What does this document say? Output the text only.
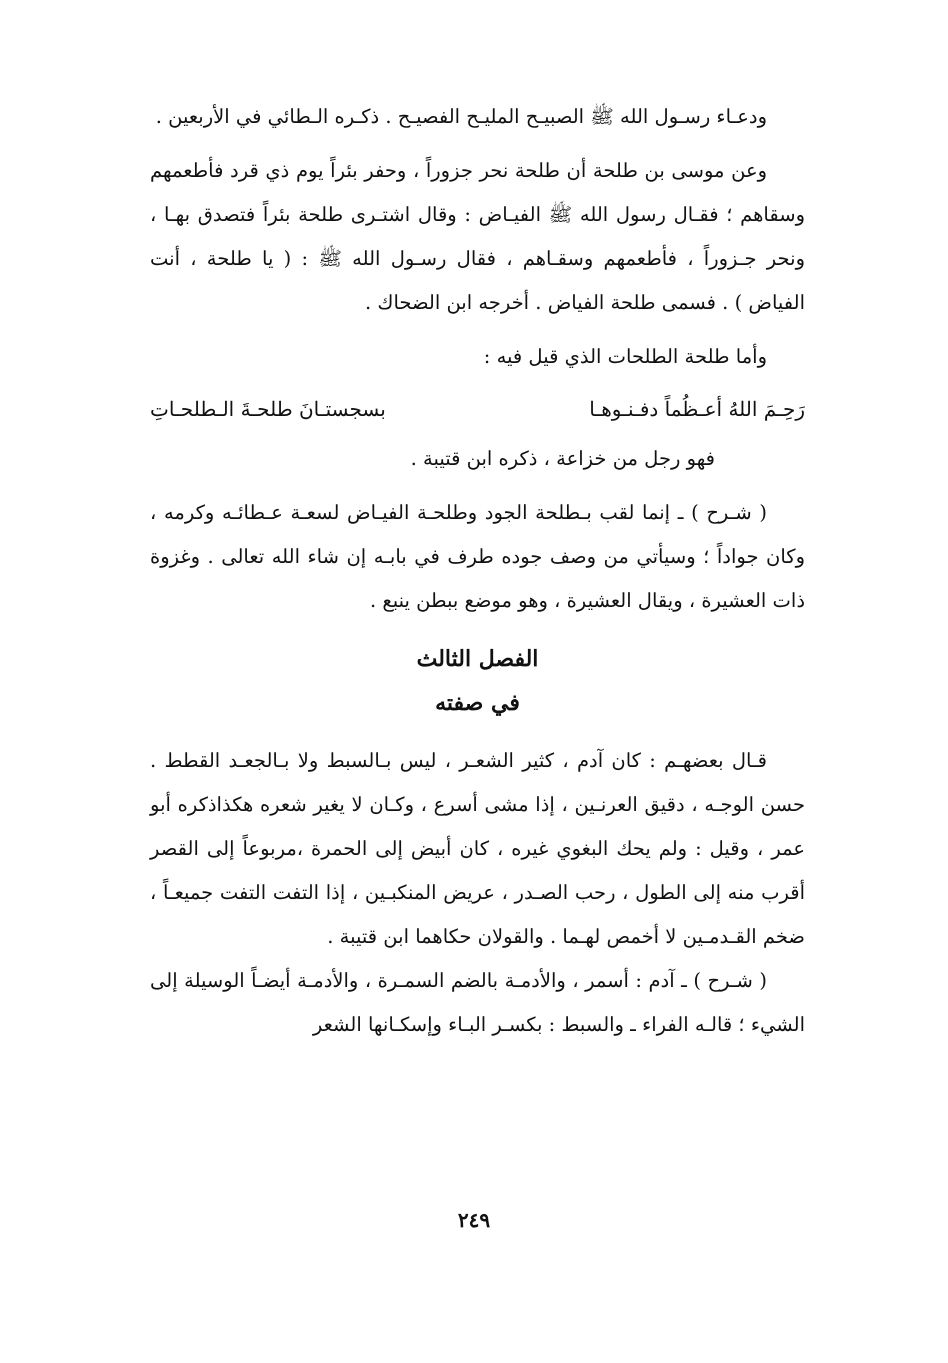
ودعـاء رسـول الله ﷺ الصبيـح المليـح الفصيـح . ذكـره الـطائي في الأربعين .

وعن موسى بن طلحة أن طلحة نحر جزوراً ، وحفر بئراً يوم ذي قرد فأطعمهم وسقاهم ؛ فقـال رسول الله ﷺ الفيـاض : وقال اشتـرى طلحة بئراً فتصدق بهـا ، ونحر جـزوراً ، فأطعمهم وسقـاهم ، فقال رسـول الله ﷺ : ( يا طلحة ، أنت الفياض ) . فسمى طلحة الفياض . أخرجه ابن الضحاك .

وأما طلحة الطلحات الذي قيل فيه :

رَحِـمَ اللهُ أعـظُماً دفـنـوهـا
بسجستـانَ طلحـةَ الـطلحـاتِ

فهو رجل من خزاعة ، ذكره ابن قتيبة .

( شـرح ) ـ إنما لقب بـطلحة الجود وطلحـة الفيـاض لسعـة عـطائـه وكرمه ، وكان جواداً ؛ وسيأتي من وصف جوده طرف في بابـه إن شاء الله تعالى . وغزوة ذات العشيرة ، ويقال العشيرة ، وهو موضع ببطن ينبع .

الفصل الثالث
في صفته

قـال بعضهـم : كان آدم ، كثير الشعـر ، ليس بـالسبط ولا بـالجعـد القطط . حسن الوجـه ، دقيق العرنـين ، إذا مشى أسرع ، وكـان لا يغير شعره هكذاذكره أبو عمر ، وقيل : ولم يحك البغوي غيره ، كان أبيض إلى الحمرة ،مربوعاً إلى القصر أقرب منه إلى الطول ، رحب الصـدر ، عريض المنكبـين ، إذا التفت التفت جميعـاً ، ضخم القـدمـين لا أخمص لهـما . والقولان حكاهما ابن قتيبة .

( شـرح ) ـ آدم : أسمر ، والأدمـة بالضم السمـرة ، والأدمـة أيضـاً الوسيلة إلى الشيء ؛ قالـه الفراء ـ والسبط : بكسـر البـاء وإسكـانها الشعر

٢٤٩
